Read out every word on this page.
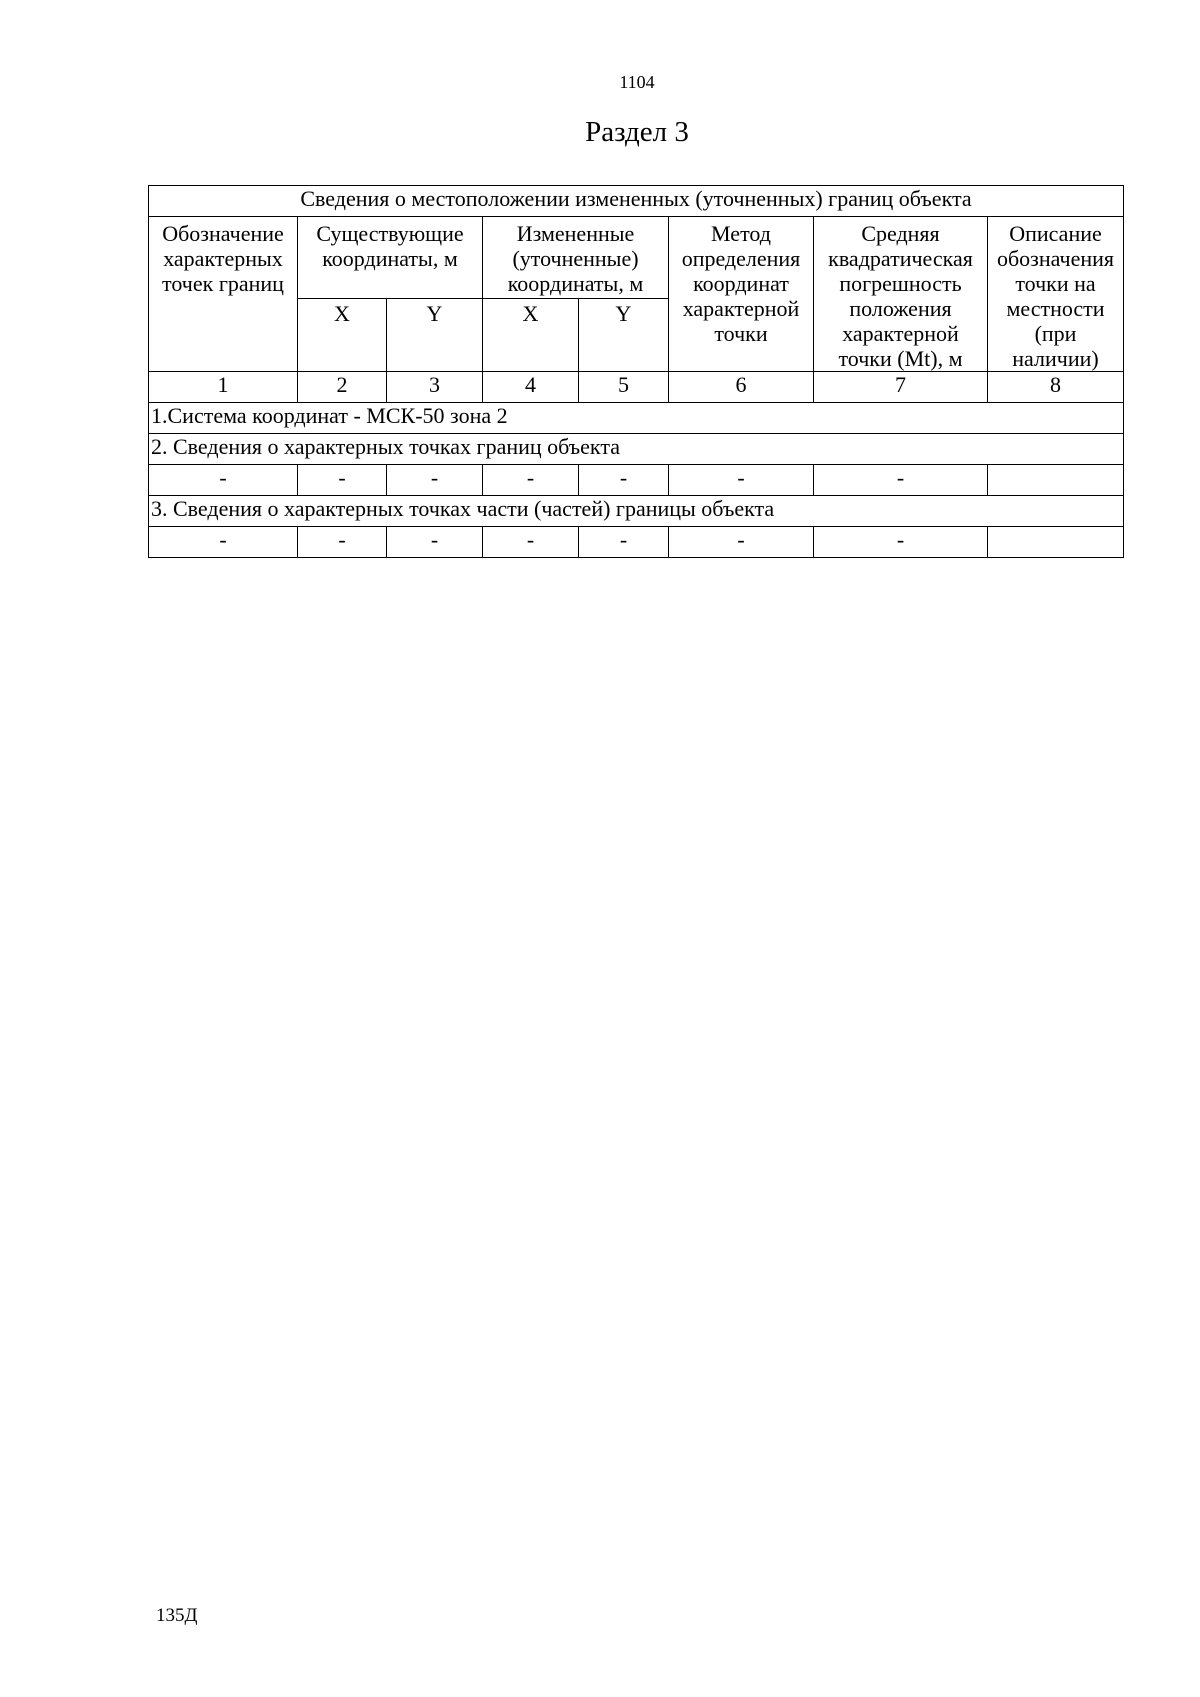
1104
Раздел 3
Сведения о местоположении измененных (уточненных) границ объекта							
Обозначение характерных точек границ	Существующие координаты, м		Измененные (уточненные) координаты, м		Метод определения координат характерной точки	Средняя квадратическая погрешность положения характерной точки (Mt), м	Описание обозначения точки на местности (при наличии)
	X	Y	X	Y			
1	2	3	4	5	6	7	8
1.Система координат - МСК-50 зона 2							
2. Сведения о характерных точках границ объекта							
-	-	-	-	-	-	-	
3. Сведения о характерных точках части (частей) границы объекта							
-	-	-	-	-	-	-	
135Д
